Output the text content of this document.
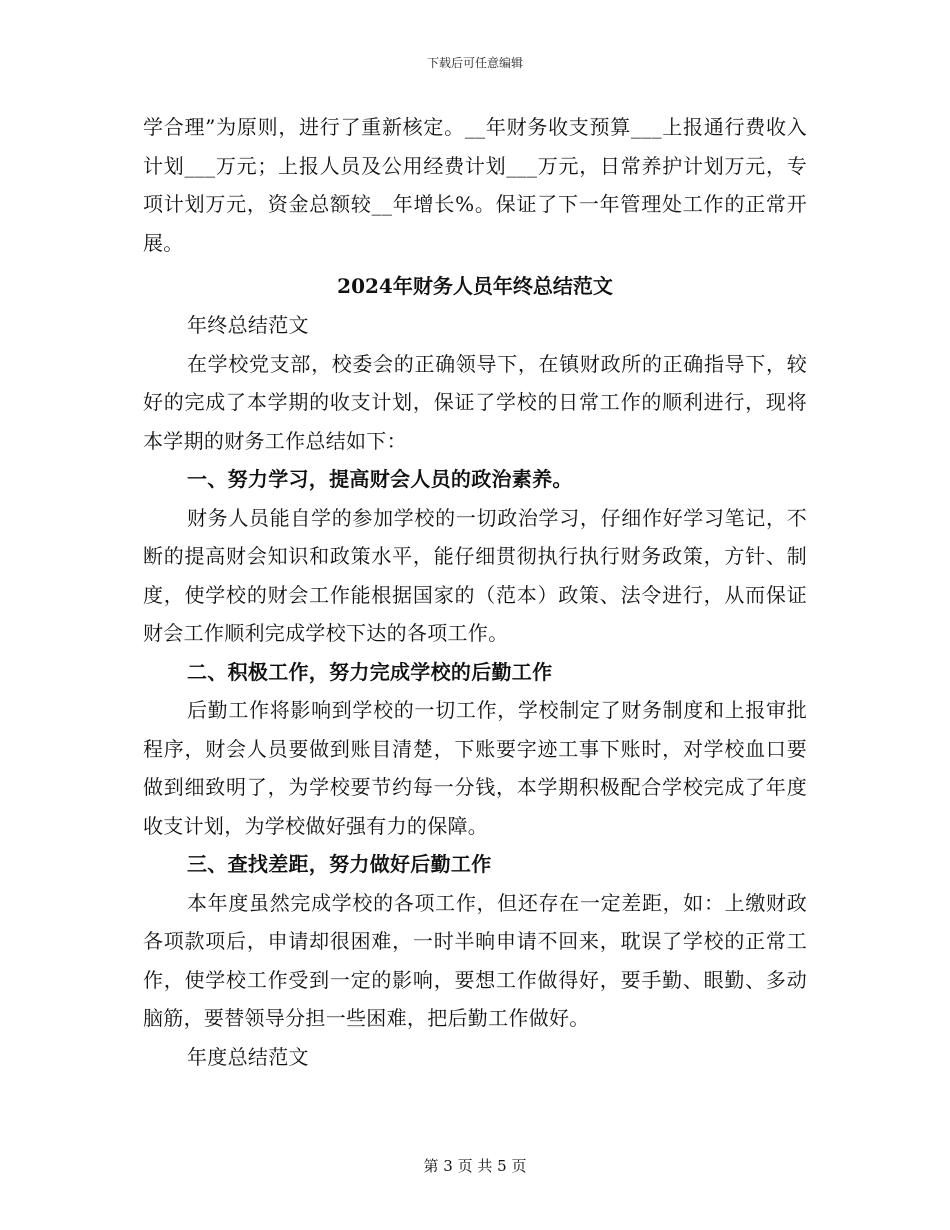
下载后可任意编辑

学合理”为原则，进行了重新核定。__年财务收支预算___上报通行费收入计划___万元；上报人员及公用经费计划___万元，日常养护计划万元，专项计划万元，资金总额较__年增长%。保证了下一年管理处工作的正常开展。

2024年财务人员年终总结范文

年终总结范文

在学校党支部，校委会的正确领导下，在镇财政所的正确指导下，较好的完成了本学期的收支计划，保证了学校的日常工作的顺利进行，现将本学期的财务工作总结如下：

一、努力学习，提高财会人员的政治素养。

财务人员能自学的参加学校的一切政治学习，仔细作好学习笔记，不断的提高财会知识和政策水平，能仔细贯彻执行执行财务政策，方针、制度，使学校的财会工作能根据国家的（范本）政策、法令进行，从而保证财会工作顺利完成学校下达的各项工作。

二、积极工作，努力完成学校的后勤工作

后勤工作将影响到学校的一切工作，学校制定了财务制度和上报审批程序，财会人员要做到账目清楚，下账要字迹工事下账时，对学校血口要做到细致明了，为学校要节约每一分钱，本学期积极配合学校完成了年度收支计划，为学校做好强有力的保障。

三、查找差距，努力做好后勤工作

本年度虽然完成学校的各项工作，但还存在一定差距，如：上缴财政各项款项后，申请却很困难，一时半晌申请不回来，耽误了学校的正常工作，使学校工作受到一定的影响，要想工作做得好，要手勤、眼勤、多动脑筋，要替领导分担一些困难，把后勤工作做好。

年度总结范文

第 3 页 共 5 页
